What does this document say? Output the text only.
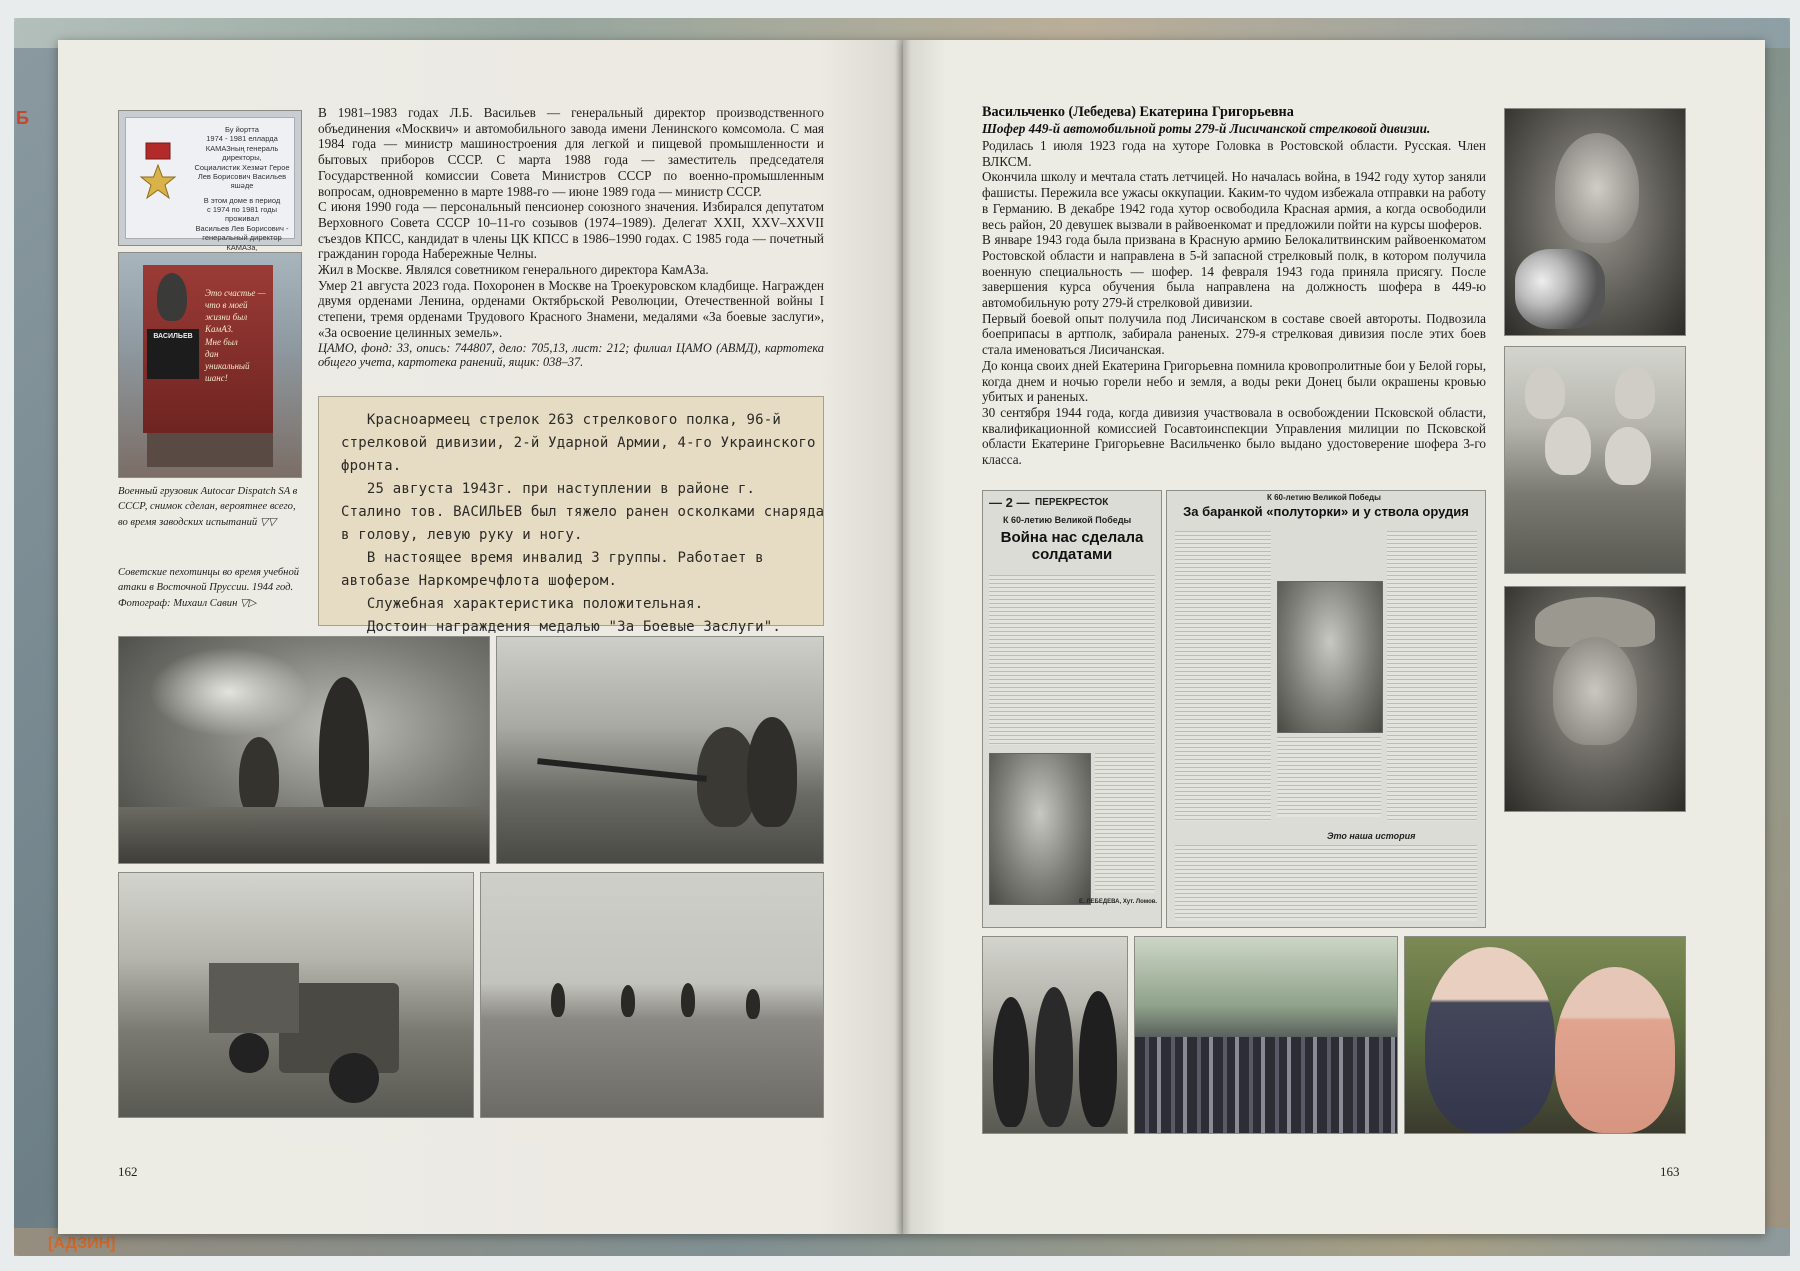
Б
[АДЗИН]
Бу йортта
1974 - 1981 елларда
КАМАЗның генераль директоры,
Социалистик Хезмәт Герое
Лев Борисович Васильев
яшәде
В этом доме в период
с 1974 по 1981 годы проживал
Васильев Лев Борисович -
генеральный директор КАМАЗа,
ВАСИЛЬЕВ
Это счастье —
что в моей
жизни был
КамАЗ.
Мне был
дан
уникальный
шанс!
Военный грузовик Autocar Dispatch SA в СССР, снимок сделан, вероятнее всего, во время заводских испытаний ▽▽
Советские пехотинцы во время учебной атаки в Восточной Пруссии. 1944 год. Фотограф: Михаил Савин ▽▷

В 1981–1983 годах Л.Б. Васильев — генеральный директор производственного объединения «Москвич» и автомобильного завода имени Ленинского комсомола. С мая 1984 года — министр машиностроения для легкой и пищевой промышленности и бытовых приборов СССР. С марта 1988 года — заместитель председателя Государственной комиссии Совета Министров СССР по военно-промышленным вопросам, одновременно в марте 1988-го — июне 1989 года — министр СССР.

С июня 1990 года — персональный пенсионер союзного значения. Избирался депутатом Верховного Совета СССР 10–11-го созывов (1974–1989). Делегат XXII, XXV–XXVII съездов КПСС, кандидат в члены ЦК КПСС в 1986–1990 годах. С 1985 года — почетный гражданин города Набережные Челны.

Жил в Москве. Являлся советником генерального директора КамАЗа.

Умер 21 августа 2023 года. Похоронен в Москве на Троекуровском кладбище. Награжден двумя орденами Ленина, орденами Октябрьской Революции, Отечественной войны I степени, тремя орденами Трудового Красного Знамени, медалями «За боевые заслуги», «За освоение целинных земель».

ЦАМО, фонд: 33, опись: 744807, дело: 705,13, лист: 212; филиал ЦАМО (АВМД), картотека общего учета, картотека ранений, ящик: 038–37.

Красноармеец стрелок 263 стрелкового полка, 96-й
стрелковой дивизии, 2-й Ударной Армии, 4-го Украинского
фронта.
25 августа 1943г. при наступлении в районе г.
Сталино тов. ВАСИЛЬЕВ был тяжело ранен осколками снаряда
в голову, левую руку и ногу.
В настоящее время инвалид 3 группы. Работает в
автобазе Наркомречфлота шофером.
Служебная характеристика положительная.
Достоин награждения медалью "За Боевые Заслуги".
162
Васильченко (Лебедева) Екатерина Григорьевна
Шофер 449-й автомобильной роты 279-й Лисичанской стрелковой дивизии.

Родилась 1 июля 1923 года на хуторе Головка в Ростовской области. Русская. Член ВЛКСМ.

Окончила школу и мечтала стать летчицей. Но началась война, в 1942 году хутор заняли фашисты. Пережила все ужасы оккупации. Каким-то чудом избежала отправки на работу в Германию. В декабре 1942 года хутор освободила Красная армия, а когда освободили весь район, 20 девушек вызвали в райвоенкомат и предложили пойти на курсы шоферов.

В январе 1943 года была призвана в Красную армию Белокалитвинским райвоенкоматом Ростовской области и направлена в 5-й запасной стрелковый полк, в котором получила военную специальность — шофер. 14 февраля 1943 года приняла присягу. После завершения курса обучения была направлена на должность шофера в 449-ю автомобильную роту 279-й стрелковой дивизии.

Первый боевой опыт получила под Лисичанском в составе своей автороты. Подвозила боеприпасы в артполк, забирала раненых. 279-я стрелковая дивизия после этих боев стала именоваться Лисичанская.

До конца своих дней Екатерина Григорьевна помнила кровопролитные бои у Белой горы, когда днем и ночью горели небо и земля, а воды реки Донец были окрашены кровью убитых и раненых.

30 сентября 1944 года, когда дивизия участвовала в освобождении Псковской области, квалификационной комиссией Госавтоинспекции Управления милиции по Псковской области Екатерине Григорьевне Васильченко было выдано удостоверение шофера 3-го класса.

— 2 — ПЕРЕКРЕСТОК
К 60-летию Великой Победы
Война нас сделала солдатами
Е. ЛЕБЕДЕВА, Хут. Ломов.
К 60-летию Великой Победы
За баранкой «полуторки» и у ствола орудия
Это наша история
163
